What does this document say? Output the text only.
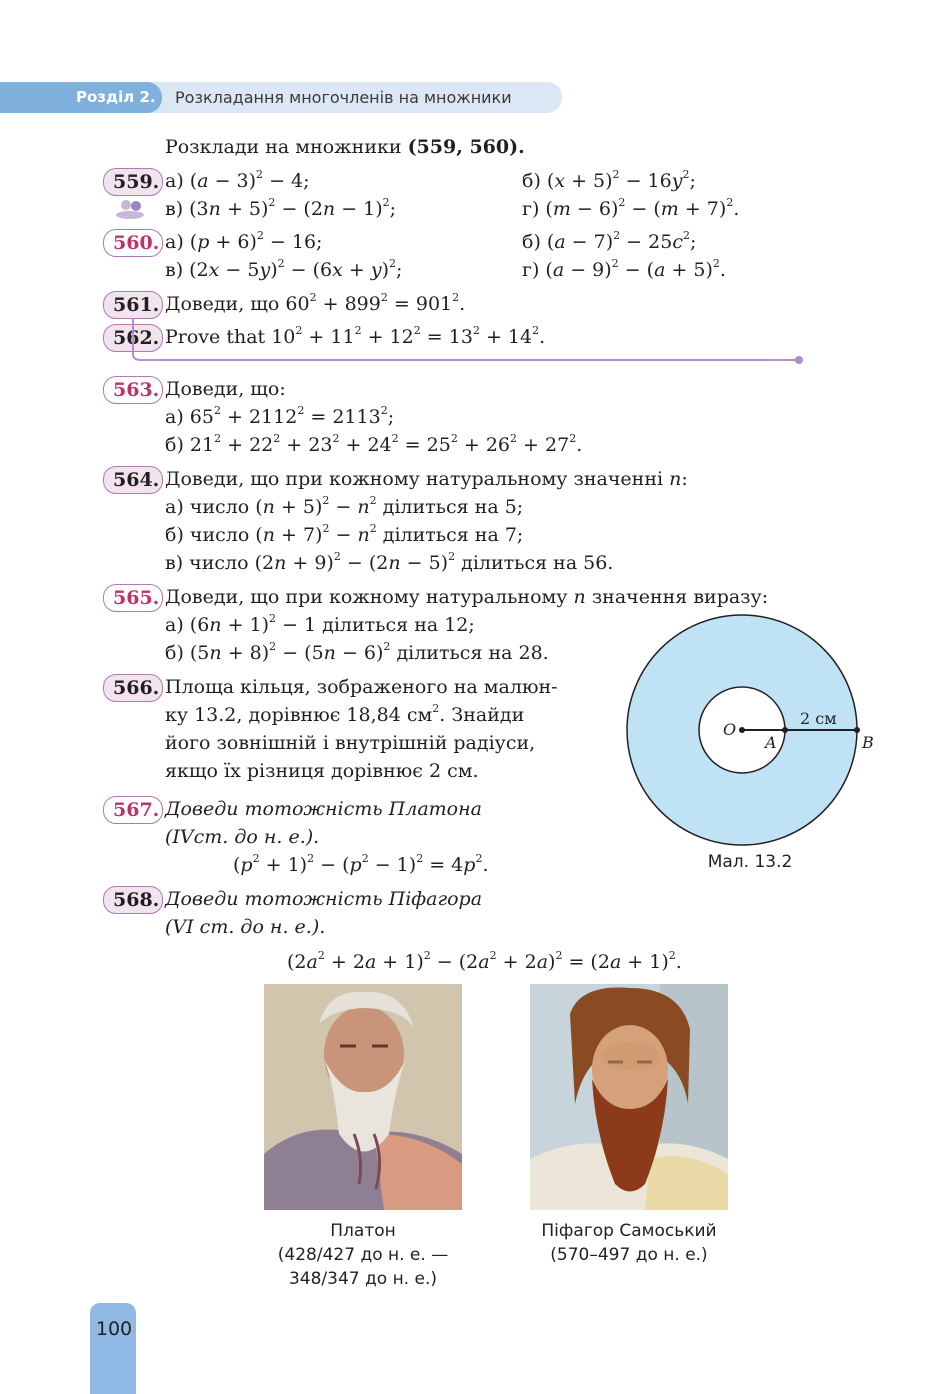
Розділ 2. Розкладання многочленів на множники
Розклади на множники (559, 560).
559. а) $(a - 3)^2 - 4$;	б) $(x + 5)^2 - 16y^2$;
в) $(3n + 5)^2 - (2n - 1)^2$;	г) $(m - 6)^2 - (m + 7)^2$.
560. а) $(p + 6)^2 - 16$;	б) $(a - 7)^2 - 25c^2$;
в) $(2x - 5y)^2 - (6x + y)^2$;	г) $(a - 9)^2 - (a + 5)^2$.
561. Доведи, що $60^2 + 899^2 = 901^2$.
562. Prove that $10^2 + 11^2 + 12^2 = 13^2 + 14^2$.
563. Доведи, що:
а) $65^2 + 2112^2 = 2113^2$;
б) $21^2 + 22^2 + 23^2 + 24^2 = 25^2 + 26^2 + 27^2$.
564. Доведи, що при кожному натуральному значенні n:
а) число $(n + 5)^2 - n^2$ ділиться на 5;
б) число $(n + 7)^2 - n^2$ ділиться на 7;
в) число $(2n + 9)^2 - (2n - 5)^2$ ділиться на 56.
565. Доведи, що при кожному натуральному n значення виразу:
а) $(6n + 1)^2 - 1$ ділиться на 12;
б) $(5n + 8)^2 - (5n - 6)^2$ ділиться на 28.
566. Площа кільця, зображеного на малюн-
ку 13.2, дорівнює 18,84 $см^2$. Знайди
його зовнішній і внутрішній радіуси,
якщо їх різниця дорівнює 2 см.
O
A	B
2 см
Мал. 13.2
567. Доведи тотожність Платона
(IVст. до н. е.).
$(p^2 + 1)^2 - (p^2 - 1)^2 = 4p^2$.
568. Доведи тотожність Піфагора
(VI ст. до н. е.).
$(2a^2 + 2a + 1)^2 - (2a^2 + 2a)^2 = (2a + 1)^2$.
Платон
(428/427 до н. е. —
348/347 до н. е.)
Піфагор Самоський
(570–497 до н. е.)
100
